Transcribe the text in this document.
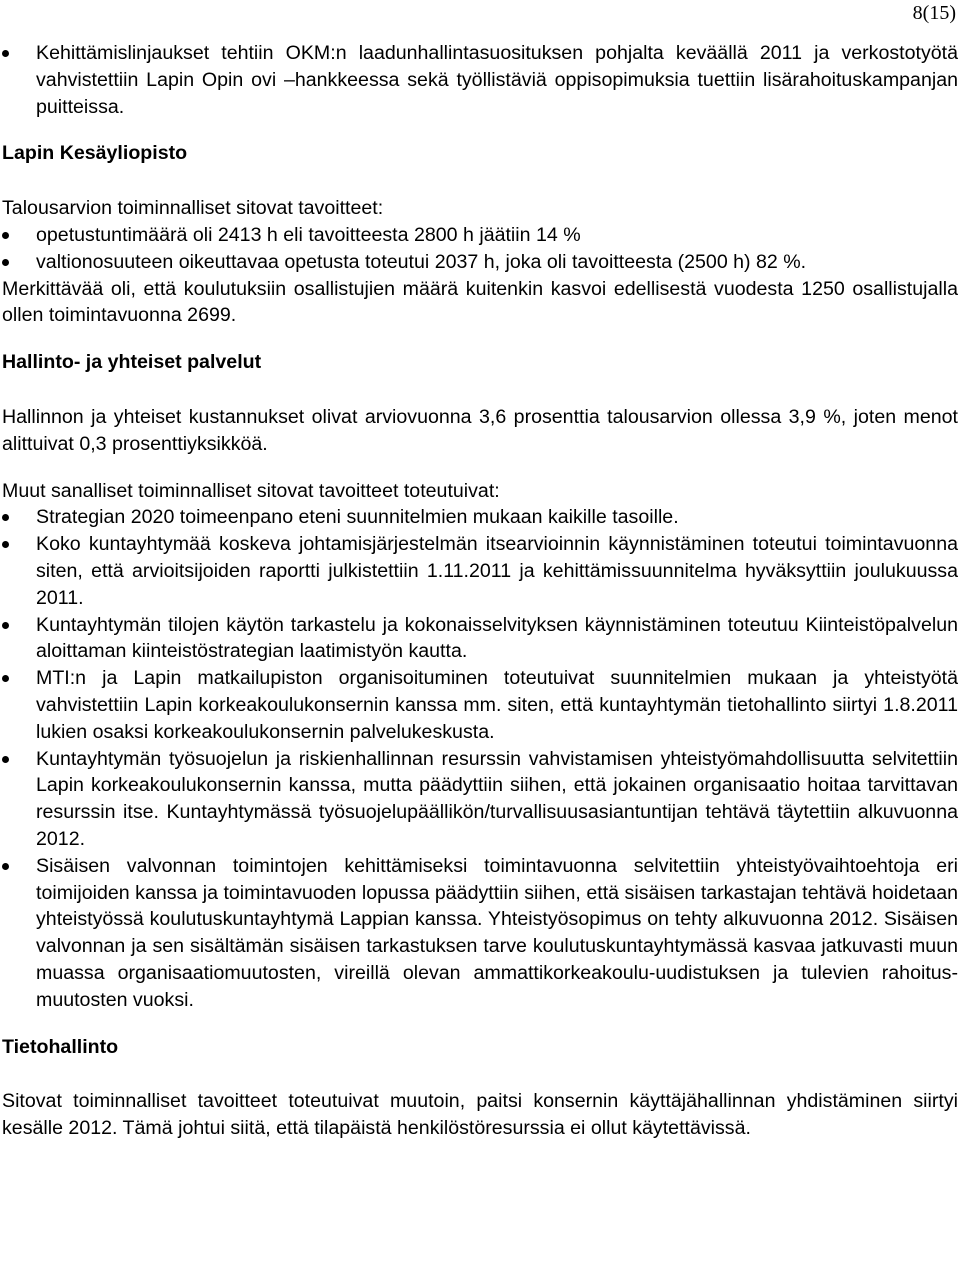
8(15)
Kehittämislinjaukset tehtiin OKM:n laadunhallintasuosituksen pohjalta keväällä 2011 ja verkostotyötä vahvistettiin Lapin Opin ovi –hankkeessa sekä työllistäviä oppisopimuksia tuettiin lisärahoituskampanjan puitteissa.
Lapin Kesäyliopisto

Talousarvion toiminnalliset sitovat tavoitteet:

opetustuntimäärä oli 2413 h eli tavoitteesta 2800 h jäätiin 14 %
valtionosuuteen oikeuttavaa opetusta toteutui 2037 h, joka oli tavoitteesta (2500 h) 82 %.

Merkittävää oli, että koulutuksiin osallistujien määrä kuitenkin kasvoi edellisestä vuodesta 1250 osallistujalla ollen toimintavuonna 2699.

Hallinto- ja yhteiset palvelut

Hallinnon ja yhteiset kustannukset olivat arviovuonna 3,6 prosenttia talousarvion ollessa 3,9 %, joten menot alittuivat 0,3 prosenttiyksikköä.

Muut sanalliset toiminnalliset sitovat tavoitteet toteutuivat:

Strategian 2020 toimeenpano eteni suunnitelmien mukaan kaikille tasoille.
Koko kuntayhtymää koskeva johtamisjärjestelmän itsearvioinnin käynnistäminen toteutui toimintavuonna siten, että arvioitsijoiden raportti julkistettiin 1.11.2011 ja kehittämissuunnitelma hyväksyttiin joulukuussa 2011.
Kuntayhtymän tilojen käytön tarkastelu ja kokonaisselvityksen käynnistäminen toteutuu Kiinteistöpalvelun aloittaman kiinteistöstrategian laatimistyön kautta.
MTI:n ja Lapin matkailupiston organisoituminen toteutuivat suunnitelmien mukaan ja yhteistyötä vahvistettiin Lapin korkeakoulukonsernin kanssa mm. siten, että kuntayhtymän tietohallinto siirtyi 1.8.2011 lukien osaksi korkeakoulukonsernin palvelukeskusta.
Kuntayhtymän työsuojelun ja riskienhallinnan resurssin vahvistamisen yhteistyömahdollisuutta selvitettiin Lapin korkeakoulukonsernin kanssa, mutta päädyttiin siihen, että jokainen organisaatio hoitaa tarvittavan resurssin itse. Kuntayhtymässä työsuojelupäällikön/turvallisuusasiantuntijan tehtävä täytettiin alkuvuonna 2012.
Sisäisen valvonnan toimintojen kehittämiseksi toimintavuonna selvitettiin yhteistyövaihtoehtoja eri toimijoiden kanssa ja toimintavuoden lopussa päädyttiin siihen, että sisäisen tarkastajan tehtävä hoidetaan yhteistyössä koulutuskuntayhtymä Lappian kanssa. Yhteistyösopimus on tehty alkuvuonna 2012. Sisäisen valvonnan ja sen sisältämän sisäisen tarkastuksen tarve koulutuskuntayhtymässä kasvaa jatkuvasti muun muassa organisaatiomuutosten, vireillä olevan ammattikorkeakoulu-uudistuksen ja tulevien rahoitusmuutosten vuoksi.
Tietohallinto

Sitovat toiminnalliset tavoitteet toteutuivat muutoin, paitsi konsernin käyttäjähallinnan yhdistäminen siirtyi kesälle 2012. Tämä johtui siitä, että tilapäistä henkilöstöresurssia ei ollut käytettävissä.
